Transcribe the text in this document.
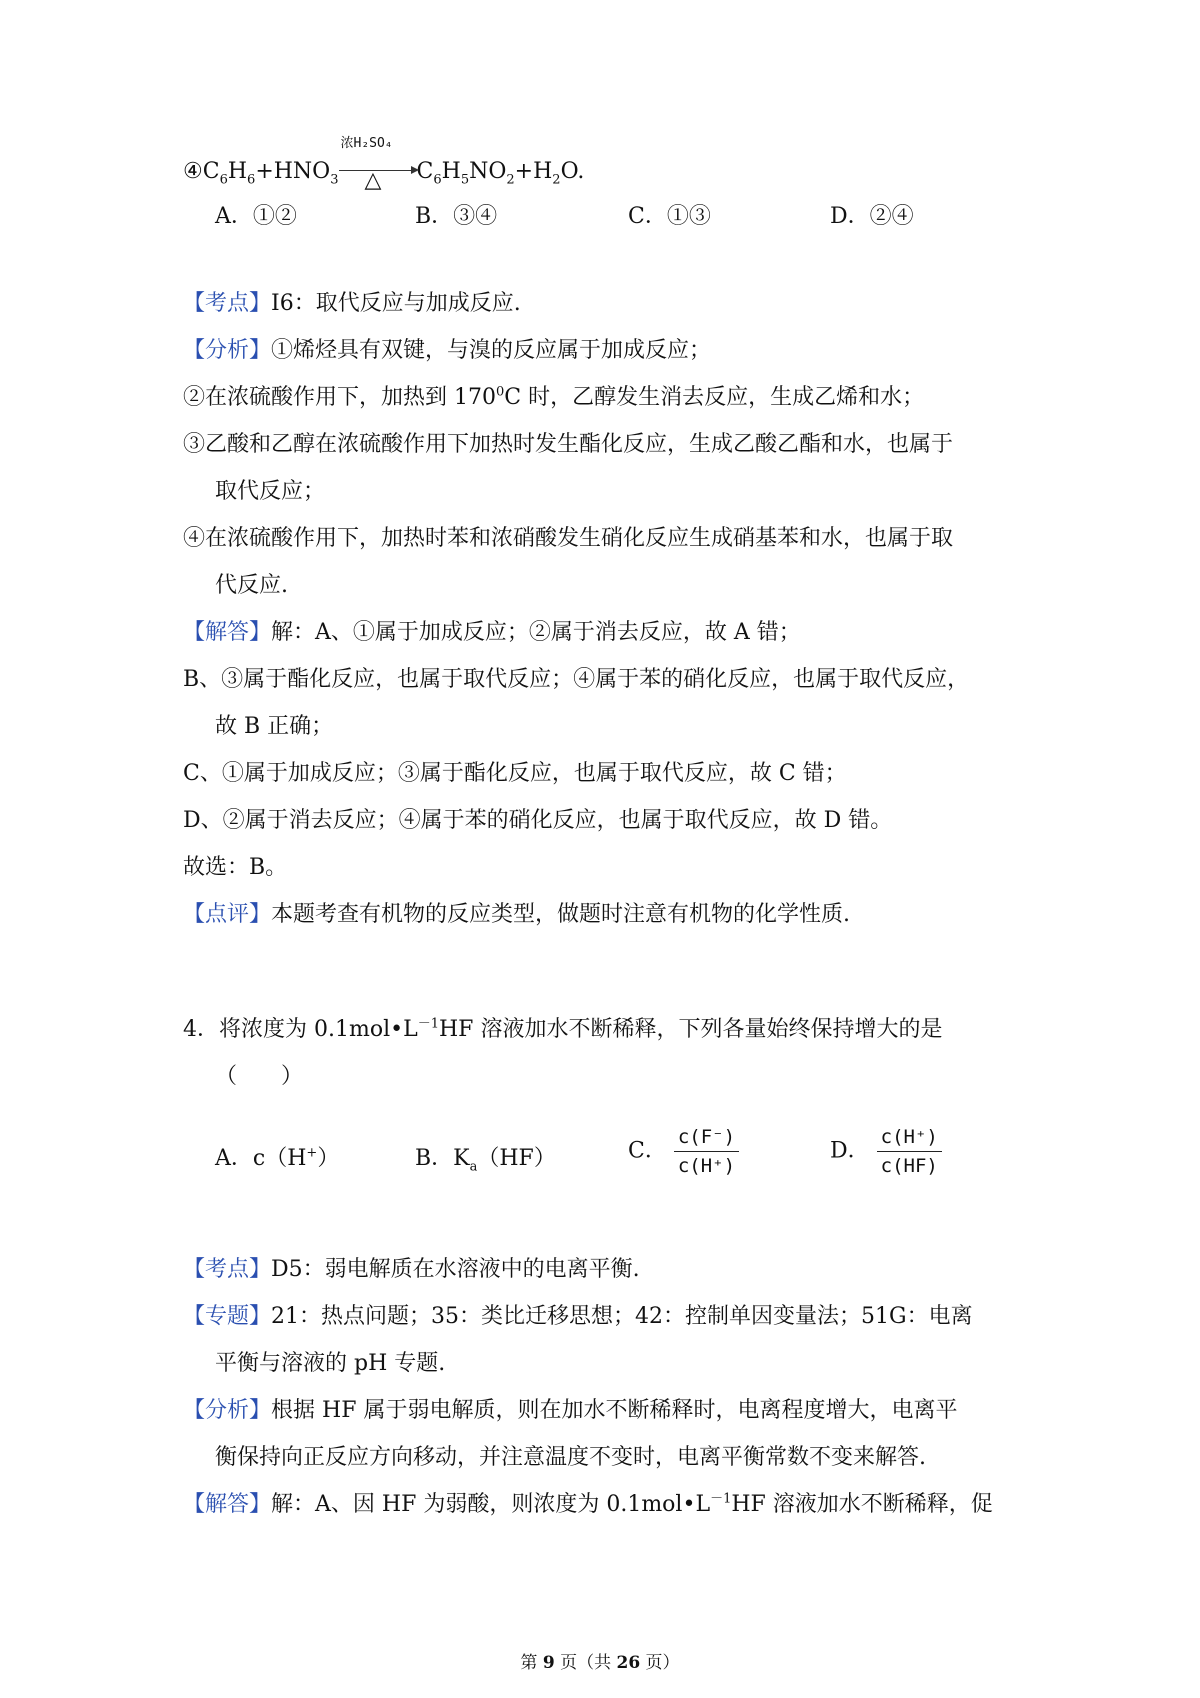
$④C_6H_6+HNO_3$
浓H₂SO₄
△ $C_6H_5NO_2+H_2O$.
A．①②	B．③④	C．①③	D．②④
【考点】I6：取代反应与加成反应.
【分析】①烯烃具有双键，与溴的反应属于加成反应；
②在浓硫酸作用下，加热到 $170^0C$ 时，乙醇发生消去反应，生成乙烯和水；
③乙酸和乙醇在浓硫酸作用下加热时发生酯化反应，生成乙酸乙酯和水，也属于
取代反应；
④在浓硫酸作用下，加热时苯和浓硝酸发生硝化反应生成硝基苯和水，也属于取
代反应.
【解答】解：A、①属于加成反应；②属于消去反应，故 A 错；
B、③属于酯化反应，也属于取代反应；④属于苯的硝化反应，也属于取代反应，
故 B 正确；
C、①属于加成反应；③属于酯化反应，也属于取代反应，故 C 错；
D、②属于消去反应；④属于苯的硝化反应，也属于取代反应，故 D 错。
故选：B。
【点评】本题考查有机物的反应类型，做题时注意有机物的化学性质.
4．将浓度为 $0.1mol•L^{-1}HF$ 溶液加水不断稀释，下列各量始终保持增大的是
（　　）
A．c（H+）	B．$K_a(HF)$	C． $\frac{c(F^-)}{c(H^+)}$	D． $\frac{c(H^+)}{c(HF)}$
【考点】D5：弱电解质在水溶液中的电离平衡.
【专题】21：热点问题；35：类比迁移思想；42：控制单因变量法；51G：电离
平衡与溶液的 pH 专题.
【分析】根据 HF 属于弱电解质，则在加水不断稀释时，电离程度增大，电离平
衡保持向正反应方向移动，并注意温度不变时，电离平衡常数不变来解答.
【解答】解：A、因 HF 为弱酸，则浓度为 $0.1mol•L^{-1}HF$ 溶液加水不断稀释，促
第 9 页（共 26 页）
